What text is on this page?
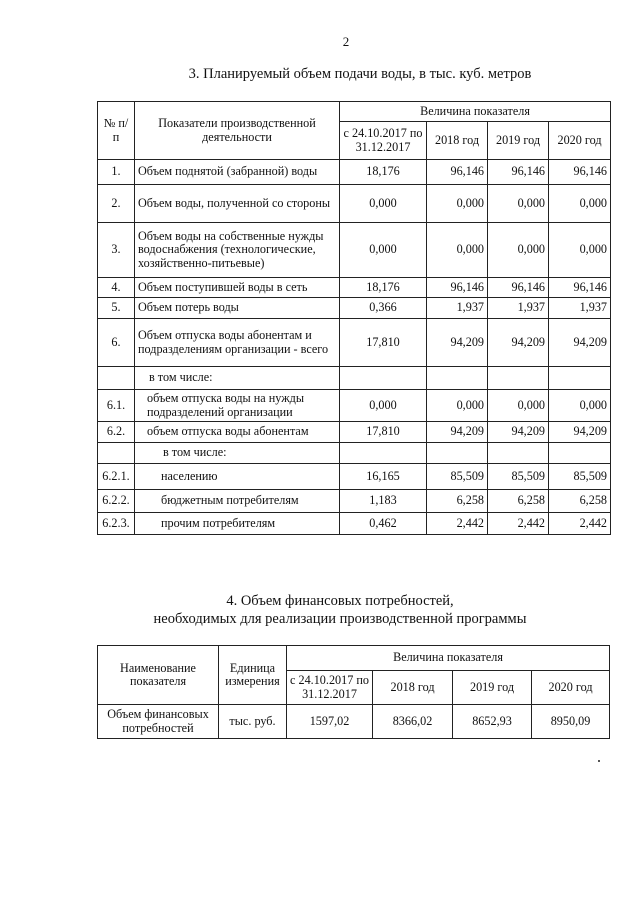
2
3. Планируемый объем подачи воды, в тыс. куб. метров
№ п/п	Показатели производственной деятельности	Величина показателя			
		с 24.10.2017 по 31.12.2017	2018 год	2019 год	2020 год
1.	Объем поднятой (забранной) воды	18,176	96,146	96,146	96,146
2.	Объем воды, полученной со стороны	0,000	0,000	0,000	0,000
3.	Объем воды на собственные нужды водоснабжения (технологические, хозяйственно-питьевые)	0,000	0,000	0,000	0,000
4.	Объем поступившей воды в сеть	18,176	96,146	96,146	96,146
5.	Объем потерь воды	0,366	1,937	1,937	1,937
6.	Объем отпуска воды абонентам и подразделениям организации - всего	17,810	94,209	94,209	94,209
	в том числе:				
6.1.	объем отпуска воды на нужды подразделений организации	0,000	0,000	0,000	0,000
6.2.	объем отпуска воды абонентам	17,810	94,209	94,209	94,209
	в том числе:				
6.2.1.	населению	16,165	85,509	85,509	85,509
6.2.2.	бюджетным потребителям	1,183	6,258	6,258	6,258
6.2.3.	прочим потребителям	0,462	2,442	2,442	2,442
4. Объем финансовых потребностей,
необходимых для реализации производственной программы
Наименование показателя	Единица измерения	Величина показателя			
		с 24.10.2017 по 31.12.2017	2018 год	2019 год	2020 год
Объем финансовых потребностей	тыс. руб.	1597,02	8366,02	8652,93	8950,09
